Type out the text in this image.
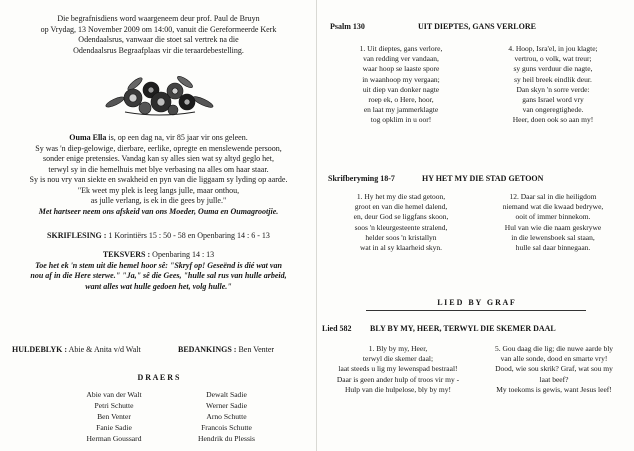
Die begrafnisdiens word waargeneem deur prof. Paul de Bruyn
op Vrydag, 13 November 2009 om 14:00, vanuit die Gereformeerde Kerk
Odendaalsrus, vanwaar die stoet sal vertrek na die
Odendaalsrus Begraafplaas vir die teraardebestelling.
Ouma Ella is, op een dag na, vir 85 jaar vir ons geleen.
Sy was 'n diep-gelowige, dierbare, eerlike, opregte en menslewende persoon,
sonder enige pretensies. Vandag kan sy alles sien wat sy altyd geglo het,
terwyl sy in die hemelhuis met blye verbasing na alles om haar staar.
Sy is nou vry van siekte en swakheid en pyn van die liggaam sy lyding op aarde.
"Ek weet my plek is leeg langs julle, maar onthou,
as julle verlang, is ek in die gees by julle."
Met hartseer neem ons afskeid van ons Moeder, Ouma en Oumagrootjie.
SKRIFLESING : 1 Korintiërs 15 : 50 - 58 en Openbaring 14 : 6 - 13
TEKSVERS : Openbaring 14 : 13
Toe het ek 'n stem uit die hemel hoor sê: "Skryf op! Geseënd is dié wat van
nou af in die Here sterwe." "Ja," sê die Gees, "hulle sal rus van hulle arbeid,
want alles wat hulle gedoen het, volg hulle."
HULDEBLYK : Abie & Anita v/d Walt	BEDANKINGS : Ben Venter
D R A E R S
Abie van der Walt	Dewalt Sadie
Petri Schutte	Werner Sadie
Ben Venter	Arno Schutte
Fanie Sadie	Francois Schutte
Herman Goussard	Hendrik du Plessis
Psalm 130	UIT DIEPTES, GANS VERLORE
1. Uit dieptes, gans verlore,
van redding ver vandaan,
waar hoop se laaste spore
in waanhoop my vergaan;
uit diep van donker nagte
roep ek, o Here, hoor,
en laat my jammerklagte
tog opklim in u oor!
4. Hoop, Isra'el, in jou klagte;
vertrou, o volk, wat treur;
sy guns verduur die nagte,
sy heil breek eindlik deur.
Dan skyn 'n sorre verde:
gans Israel word vry
van ongeregtighede.
Heer, doen ook so aan my!
Skrifberyming 18-7	HY HET MY DIE STAD GETOON
1. Hy het my die stad getoon,
groot en van die hemel dalend,
en, deur God se liggfans skoon,
soos 'n kleurgesteente stralend,
helder soos 'n kristallyn
wat in al sy klaarheid skyn.
12. Daar sal in die heiligdom
niemand wat die kwaad bedrywe,
ooit of immer binnekom.
Hul van wie die naam geskrywe
in die lewensboek sal staan,
hulle sal daar binnegaan.
L I E D   B Y   G R A F
Lied 582 BLY BY MY, HEER, TERWYL DIE SKEMER DAAL
1. Bly by my, Heer,
terwyl die skemer daal;
laat steeds u lig my lewenspad bestraal!
Daar is geen ander hulp of troos vir my -
Hulp van die hulpelose, bly by my!
5. Gou daag die lig; die nuwe aarde bly
van alle sonde, dood en smarte vry!
Dood, wie sou skrik? Graf, wat sou my
laat beef?
My toekoms is gewis, want Jesus leef!
